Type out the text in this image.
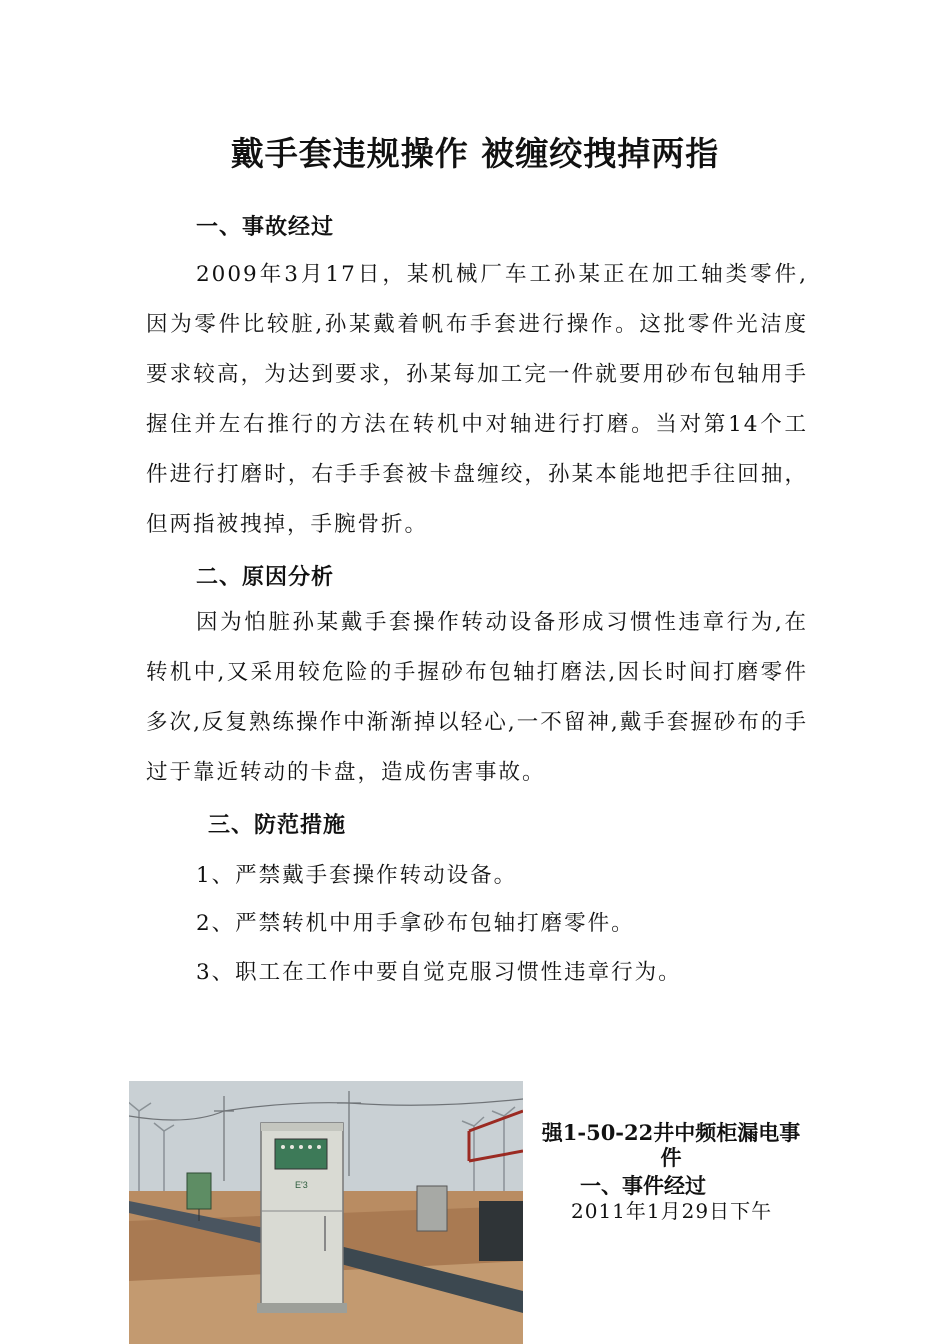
戴手套违规操作 被缠绞拽掉两指
一、事故经过
2009年3月17日，某机械厂车工孙某正在加工轴类零件,因为零件比较脏,孙某戴着帆布手套进行操作。这批零件光洁度要求较高，为达到要求，孙某每加工完一件就要用砂布包轴用手握住并左右推行的方法在转机中对轴进行打磨。当对第14个工件进行打磨时，右手手套被卡盘缠绞，孙某本能地把手往回抽，但两指被拽掉，手腕骨折。
二、原因分析
因为怕脏孙某戴手套操作转动设备形成习惯性违章行为,在转机中,又采用较危险的手握砂布包轴打磨法,因长时间打磨零件多次,反复熟练操作中渐渐掉以轻心,一不留神,戴手套握砂布的手过于靠近转动的卡盘，造成伤害事故。
三、防范措施
1、严禁戴手套操作转动设备。
2、严禁转机中用手拿砂布包轴打磨零件。
3、职工在工作中要自觉克服习惯性违章行为。
E'3
强1-50-22井中频柜漏电事件
一、事件经过
2011年1月29日下午
